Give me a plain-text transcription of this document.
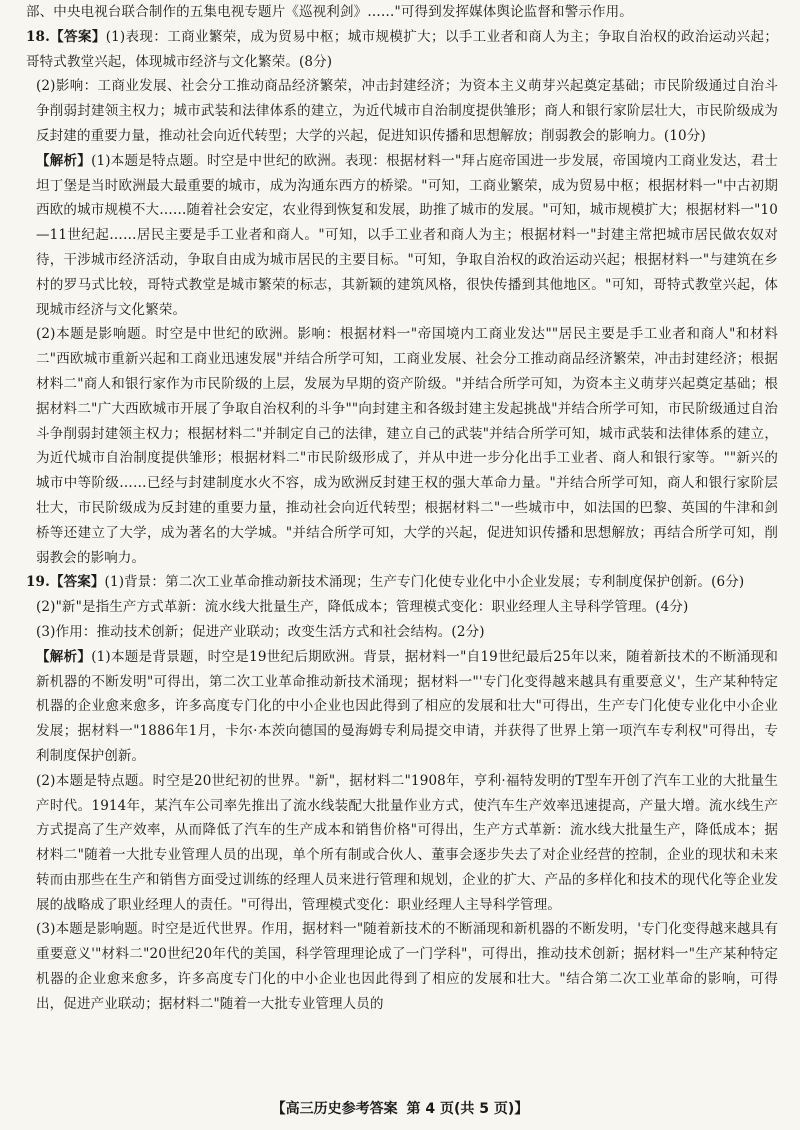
部、中央电视台联合制作的五集电视专题片《巡视利剑》……"可得到发挥媒体舆论监督和警示作用。

18.【答案】(1)表现：工商业繁荣，成为贸易中枢；城市规模扩大；以手工业者和商人为主；争取自治权的政治运动兴起；哥特式教堂兴起，体现城市经济与文化繁荣。(8分)

(2)影响：工商业发展、社会分工推动商品经济繁荣，冲击封建经济；为资本主义萌芽兴起奠定基础；市民阶级通过自治斗争削弱封建领主权力；城市武装和法律体系的建立，为近代城市自治制度提供雏形；商人和银行家阶层壮大，市民阶级成为反封建的重要力量，推动社会向近代转型；大学的兴起，促进知识传播和思想解放；削弱教会的影响力。(10分)

【解析】(1)本题是特点题。时空是中世纪的欧洲。表现：根据材料一"拜占庭帝国进一步发展，帝国境内工商业发达，君士坦丁堡是当时欧洲最大最重要的城市，成为沟通东西方的桥梁。"可知，工商业繁荣，成为贸易中枢；根据材料一"中古初期西欧的城市规模不大……随着社会安定，农业得到恢复和发展，助推了城市的发展。"可知，城市规模扩大；根据材料一"10—11世纪起……居民主要是手工业者和商人。"可知，以手工业者和商人为主；根据材料一"封建主常把城市居民做农奴对待，干涉城市经济活动，争取自由成为城市居民的主要目标。"可知，争取自治权的政治运动兴起；根据材料一"与建筑在乡村的罗马式比较，哥特式教堂是城市繁荣的标志，其新颖的建筑风格，很快传播到其他地区。"可知，哥特式教堂兴起，体现城市经济与文化繁荣。

(2)本题是影响题。时空是中世纪的欧洲。影响：根据材料一"帝国境内工商业发达""居民主要是手工业者和商人"和材料二"西欧城市重新兴起和工商业迅速发展"并结合所学可知，工商业发展、社会分工推动商品经济繁荣，冲击封建经济；根据材料二"商人和银行家作为市民阶级的上层，发展为早期的资产阶级。"并结合所学可知，为资本主义萌芽兴起奠定基础；根据材料二"广大西欧城市开展了争取自治权利的斗争""向封建主和各级封建主发起挑战"并结合所学可知，市民阶级通过自治斗争削弱封建领主权力；根据材料二"并制定自己的法律，建立自己的武装"并结合所学可知，城市武装和法律体系的建立，为近代城市自治制度提供雏形；根据材料二"市民阶级形成了，并从中进一步分化出手工业者、商人和银行家等。""新兴的城市中等阶级……已经与封建制度水火不容，成为欧洲反封建王权的强大革命力量。"并结合所学可知，商人和银行家阶层壮大，市民阶级成为反封建的重要力量，推动社会向近代转型；根据材料二"一些城市中，如法国的巴黎、英国的牛津和剑桥等还建立了大学，成为著名的大学城。"并结合所学可知，大学的兴起，促进知识传播和思想解放；再结合所学可知，削弱教会的影响力。

19.【答案】(1)背景：第二次工业革命推动新技术涌现；生产专门化使专业化中小企业发展；专利制度保护创新。(6分)

(2)"新"是指生产方式革新：流水线大批量生产，降低成本；管理模式变化：职业经理人主导科学管理。(4分)

(3)作用：推动技术创新；促进产业联动；改变生活方式和社会结构。(2分)

【解析】(1)本题是背景题，时空是19世纪后期欧洲。背景，据材料一"自19世纪最后25年以来，随着新技术的不断涌现和新机器的不断发明"可得出，第二次工业革命推动新技术涌现；据材料一"'专门化变得越来越具有重要意义'，生产某种特定机器的企业愈来愈多，许多高度专门化的中小企业也因此得到了相应的发展和壮大"可得出，生产专门化使专业化中小企业发展；据材料一"1886年1月，卡尔·本茨向德国的曼海姆专利局提交申请，并获得了世界上第一项汽车专利权"可得出，专利制度保护创新。

(2)本题是特点题。时空是20世纪初的世界。"新"，据材料二"1908年，亨利·福特发明的T型车开创了汽车工业的大批量生产时代。1914年，某汽车公司率先推出了流水线装配大批量作业方式，使汽车生产效率迅速提高，产量大增。流水线生产方式提高了生产效率，从而降低了汽车的生产成本和销售价格"可得出，生产方式革新：流水线大批量生产，降低成本；据材料二"随着一大批专业管理人员的出现，单个所有制或合伙人、董事会逐步失去了对企业经营的控制，企业的现状和未来转而由那些在生产和销售方面受过训练的经理人员来进行管理和规划，企业的扩大、产品的多样化和技术的现代化等企业发展的战略成了职业经理人的责任。"可得出，管理模式变化：职业经理人主导科学管理。

(3)本题是影响题。时空是近代世界。作用，据材料一"随着新技术的不断涌现和新机器的不断发明，'专门化变得越来越具有重要意义'"材料二"20世纪20年代的美国，科学管理理论成了一门学科"，可得出，推动技术创新；据材料一"生产某种特定机器的企业愈来愈多，许多高度专门化的中小企业也因此得到了相应的发展和壮大。"结合第二次工业革命的影响，可得出，促进产业联动；据材料二"随着一大批专业管理人员的

【高三历史参考答案 第 4 页(共 5 页)】
